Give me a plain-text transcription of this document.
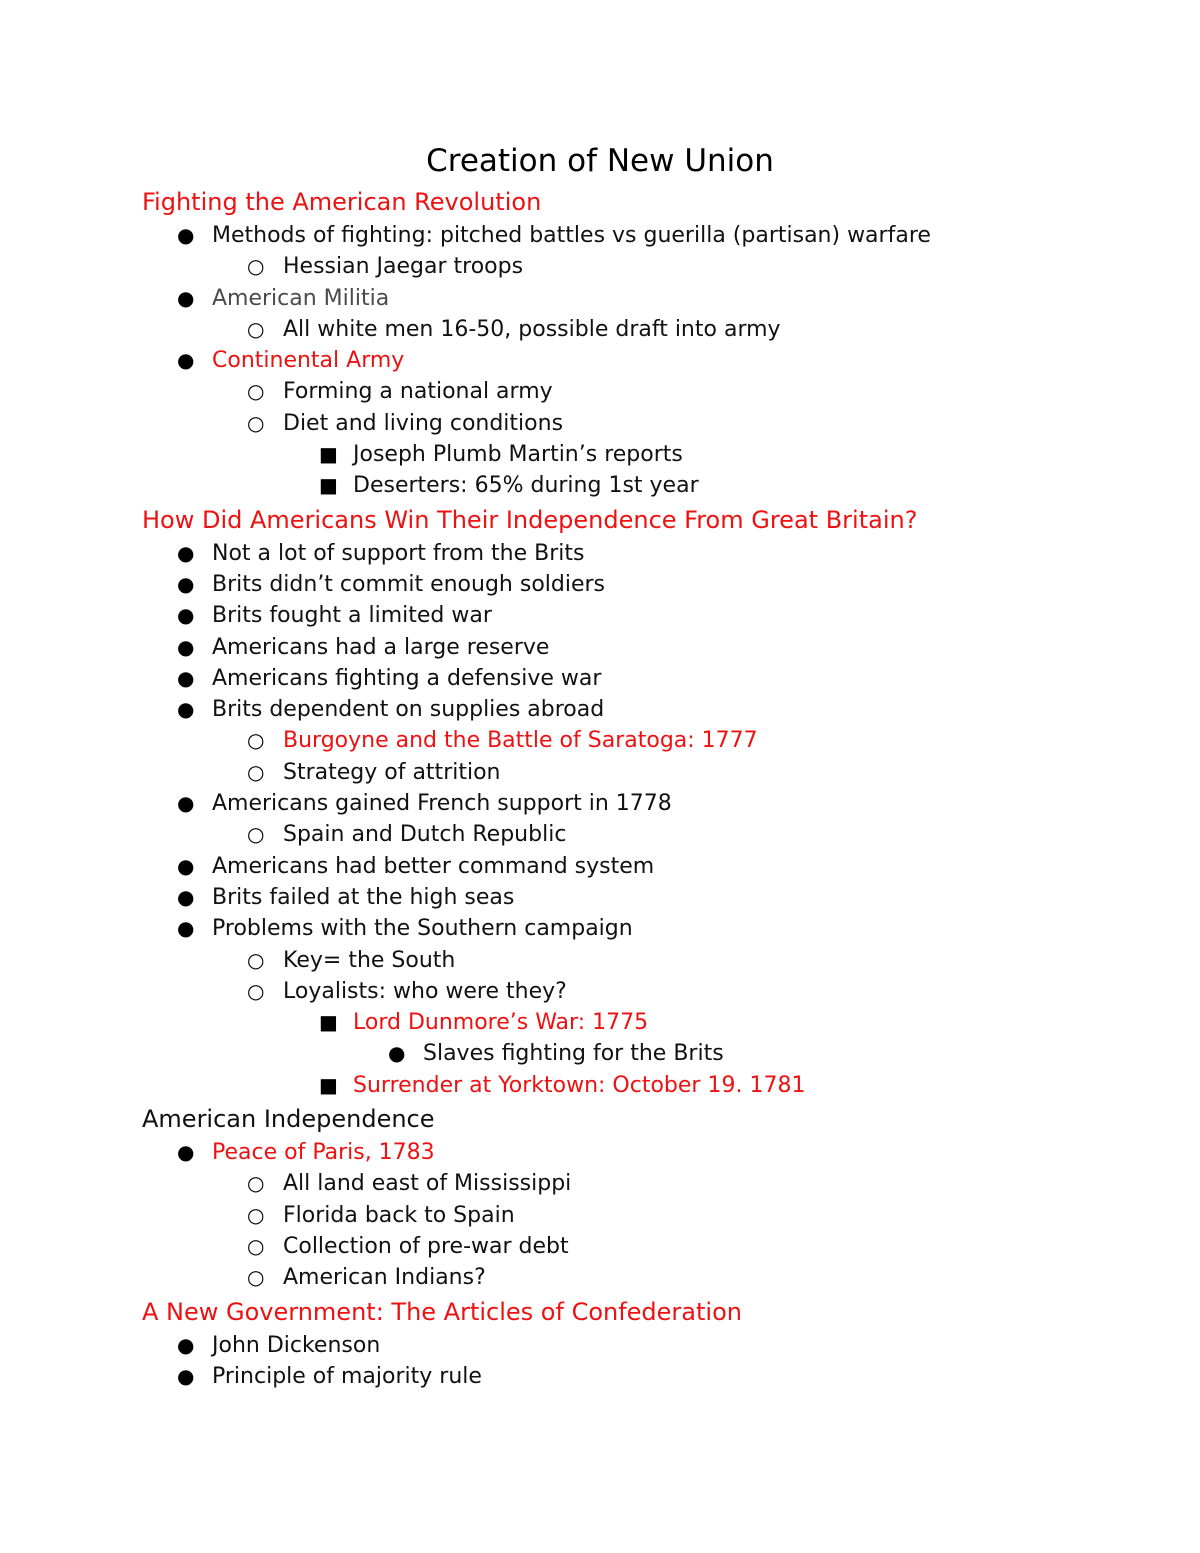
Creation of New Union
Fighting the American Revolution
● Methods of fighting: pitched battles vs guerilla (partisan) warfare
○ Hessian Jaegar troops
● American Militia
○ All white men 16-50, possible draft into army
● Continental Army
○ Forming a national army
○ Diet and living conditions
■ Joseph Plumb Martin’s reports
■ Deserters: 65% during 1st year
How Did Americans Win Their Independence From Great Britain?
● Not a lot of support from the Brits
● Brits didn’t commit enough soldiers
● Brits fought a limited war
● Americans had a large reserve
● Americans fighting a defensive war
● Brits dependent on supplies abroad
○ Burgoyne and the Battle of Saratoga: 1777
○ Strategy of attrition
● Americans gained French support in 1778
○ Spain and Dutch Republic
● Americans had better command system
● Brits failed at the high seas
● Problems with the Southern campaign
○ Key= the South
○ Loyalists: who were they?
■ Lord Dunmore’s War: 1775
● Slaves fighting for the Brits
■ Surrender at Yorktown: October 19. 1781
American Independence
● Peace of Paris, 1783
○ All land east of Mississippi
○ Florida back to Spain
○ Collection of pre-war debt
○ American Indians?
A New Government: The Articles of Confederation
● John Dickenson
● Principle of majority rule
